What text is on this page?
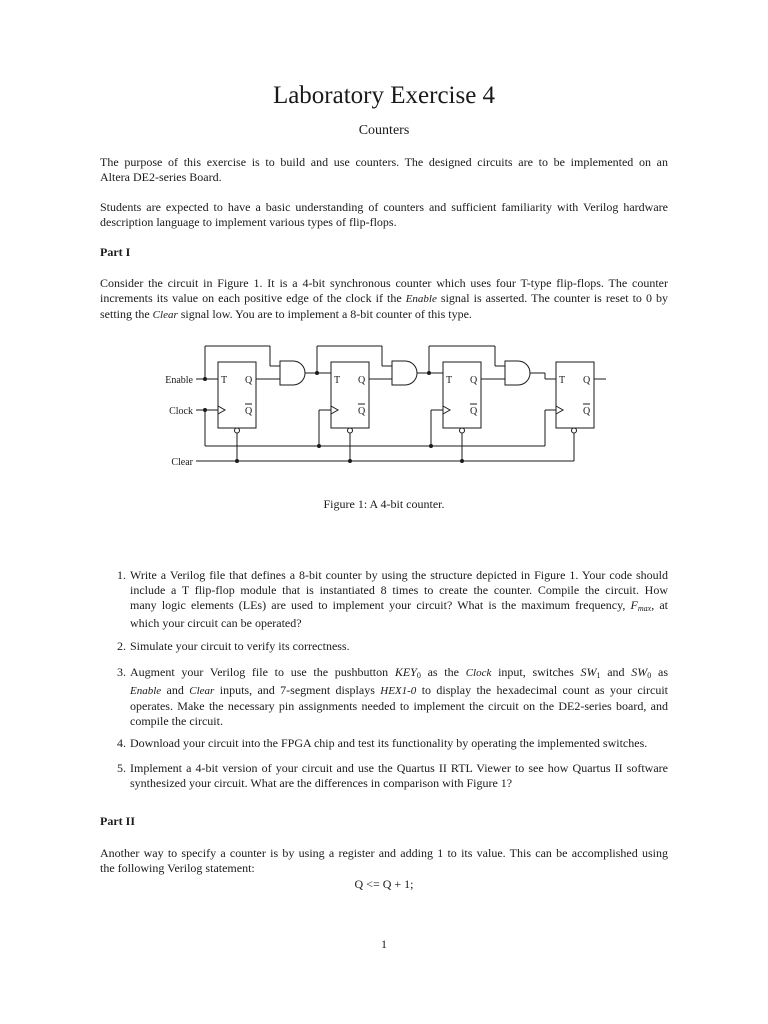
Laboratory Exercise 4
Counters
The purpose of this exercise is to build and use counters. The designed circuits are to be implemented on an
Altera DE2-series Board.
Students are expected to have a basic understanding of counters and sufficient familiarity with Verilog hardware
description language to implement various types of flip-flops.
Part I
Consider the circuit in Figure 1. It is a 4-bit synchronous counter which uses four T-type flip-flops. The counter
increments its value on each positive edge of the clock if the Enable signal is asserted. The counter is reset to 0 by
setting the Clear signal low. You are to implement a 8-bit counter of this type.
Enable
Clock
Clear
T Q
Q
T Q
Q
T Q
Q
T Q
Q
Figure 1: A 4-bit counter.
1. Write a Verilog file that defines a 8-bit counter by using the structure depicted in Figure 1. Your code should
include a T flip-flop module that is instantiated 8 times to create the counter. Compile the circuit. How
many logic elements (LEs) are used to implement your circuit? What is the maximum frequency, $F_{max}$, at
which your circuit can be operated?
2. Simulate your circuit to verify its correctness.
3. Augment your Verilog file to use the pushbutton $KEY_0$ as the Clock input, switches $SW_1$ and $SW_0$ as
Enable and Clear inputs, and 7-segment displays HEX1-0 to display the hexadecimal count as your circuit
operates. Make the necessary pin assignments needed to implement the circuit on the DE2-series board, and
compile the circuit.
4. Download your circuit into the FPGA chip and test its functionality by operating the implemented switches.
5. Implement a 4-bit version of your circuit and use the Quartus II RTL Viewer to see how Quartus II software
synthesized your circuit. What are the differences in comparison with Figure 1?
Part II
Another way to specify a counter is by using a register and adding 1 to its value. This can be accomplished using
the following Verilog statement:
Q <= Q + 1;
1
